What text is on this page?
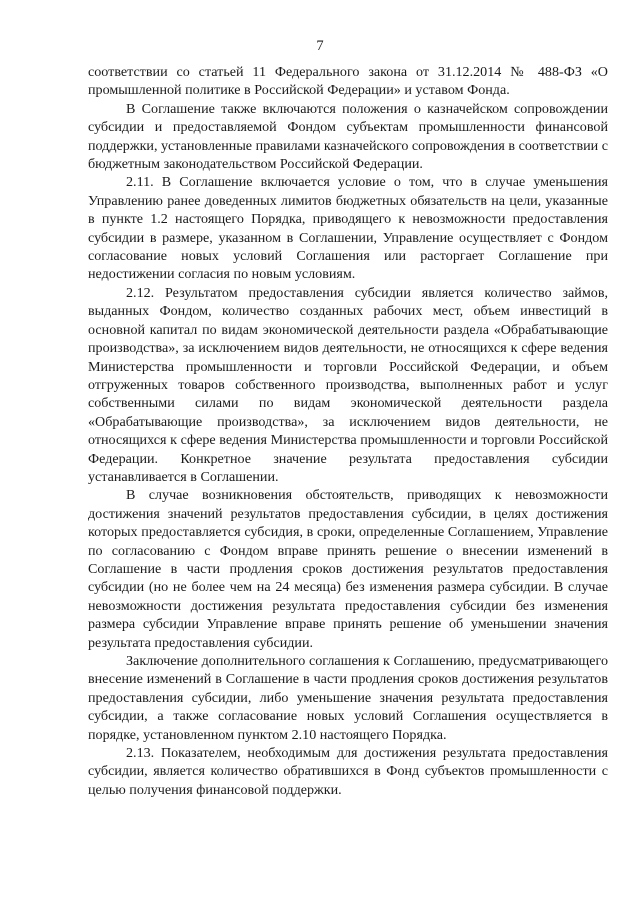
7

соответствии со статьей 11 Федерального закона от 31.12.2014 № 488-ФЗ «О промышленной политике в Российской Федерации» и уставом Фонда.

В Соглашение также включаются положения о казначейском сопровождении субсидии и предоставляемой Фондом субъектам промышленности финансовой поддержки, установленные правилами казначейского сопровождения в соответствии с бюджетным законодательством Российской Федерации.

2.11. В Соглашение включается условие о том, что в случае уменьшения Управлению ранее доведенных лимитов бюджетных обязательств на цели, указанные в пункте 1.2 настоящего Порядка, приводящего к невозможности предоставления субсидии в размере, указанном в Соглашении, Управление осуществляет с Фондом согласование новых условий Соглашения или расторгает Соглашение при недостижении согласия по новым условиям.

2.12. Результатом предоставления субсидии является количество займов, выданных Фондом, количество созданных рабочих мест, объем инвестиций в основной капитал по видам экономической деятельности раздела «Обрабатывающие производства», за исключением видов деятельности, не относящихся к сфере ведения Министерства промышленности и торговли Российской Федерации, и объем отгруженных товаров собственного производства, выполненных работ и услуг собственными силами по видам экономической деятельности раздела «Обрабатывающие производства», за исключением видов деятельности, не относящихся к сфере ведения Министерства промышленности и торговли Российской Федерации. Конкретное значение результата предоставления субсидии устанавливается в Соглашении.

В случае возникновения обстоятельств, приводящих к невозможности достижения значений результатов предоставления субсидии, в целях достижения которых предоставляется субсидия, в сроки, определенные Соглашением, Управление по согласованию с Фондом вправе принять решение о внесении изменений в Соглашение в части продления сроков достижения результатов предоставления субсидии (но не более чем на 24 месяца) без изменения размера субсидии. В случае невозможности достижения результата предоставления субсидии без изменения размера субсидии Управление вправе принять решение об уменьшении значения результата предоставления субсидии.

Заключение дополнительного соглашения к Соглашению, предусматривающего внесение изменений в Соглашение в части продления сроков достижения результатов предоставления субсидии, либо уменьшение значения результата предоставления субсидии, а также согласование новых условий Соглашения осуществляется в порядке, установленном пунктом 2.10 настоящего Порядка.

2.13. Показателем, необходимым для достижения результата предоставления субсидии, является количество обратившихся в Фонд субъектов промышленности с целью получения финансовой поддержки.
